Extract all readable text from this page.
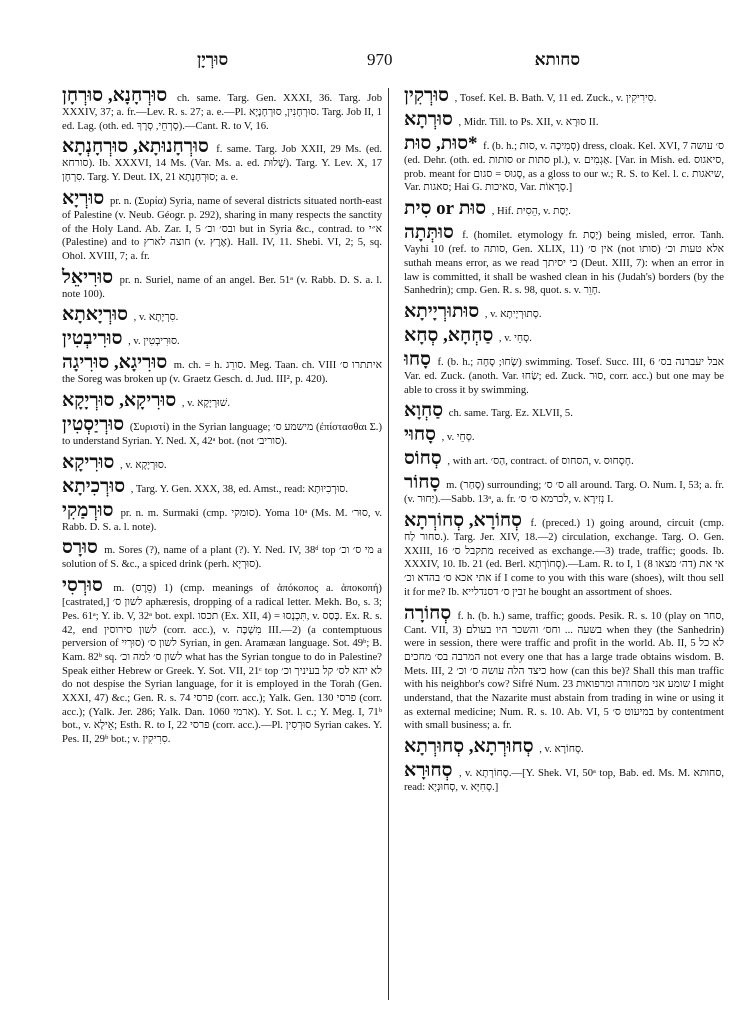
סוּרְיָן	970	סחותא

סוּרְחָנָא, סוּרְחָן ch. same. Targ. Gen. XXXI, 36. Targ. Job XXXIV, 37; a. fr.—Lev. R. s. 27; a. e.—Pl. סוּרְחָנִין, סוּרְחָנָיָא. Targ. Job II, 1 ed. Lag. (oth. ed. סְרְחֵי, סְרָךְ).—Cant. R. to V, 16.

סוּרְחָנוּתָא, סוּרְחָנְתָא f. same. Targ. Job XXII, 29 Ms. (ed. סורחא). Ib. XXXVI, 14 Ms. (Var. Ms. a. ed. שְׁלוּת). Targ. Y. Lev. X, 17 סִרְחָן. Targ. Y. Deut. IX, 21 סוּרְחָנְתָא; a. e.

סוּרְיָא pr. n. (Συρία) Syria, name of several districts situated north-east of Palestine (v. Neub. Géogr. p. 292), sharing in many respects the sanctity of the Holy Land. Ab. Zar. I, 5 ובס׳ וכ׳ but in Syria &c., contrad. to א״י (Palestine) and to חוצה לארץ (v. אֶרֶץ). Hall. IV, 11. Shebi. VI, 2; 5, sq. Ohol. XVIII, 7; a. fr.

סוּרִיאֵל pr. n. Suriel, name of an angel. Ber. 51ᵃ (v. Rabb. D. S. a. l. note 100).

סוּרְיָאתָא , v. סִרְיָתָא.

סוּרִיבְטִין , v. סוּרִיבְטִין.

סוּרִיגָא, סוּרִיגָה m. ch. = h. סורֵג. Meg. Taan. ch. VIII איתתרו ס׳ the Soreg was broken up (v. Graetz Gesch. d. Jud. III², p. 420).

סוּרִיקָא, סוּרְיָקָא , v. שׁוּרְיָקָא.

סוּרְיַסְטִין (Συριστί) in the Syrian language; מישמע ס׳ (ἐπίστασθαι Σ.) to understand Syrian. Y. Ned. X, 42ᵃ bot. (not סוריב׳).

סוּרִיקָא , v. סוּרְיָקָא.

סוּרְכִיתָא , Targ. Y. Gen. XXX, 38, ed. Amst., read: סוּרְכִיוּתָא.

סוּרְמַקִי pr. n. m. Surmaki (cmp. סומקי). Yoma 10ᵃ (Ms. M. סוּר׳, v. Rabb. D. S. a. l. note).

סוּרָס m. Sores (?), name of a plant (?). Y. Ned. IV, 38ᵈ top מי ס׳ וכ׳ a solution of S. &c., a spiced drink (perh. סוּרְיָא).

סוּרְסִי m. (סֵרֶס) 1) (cmp. meanings of ἀπόκοπος a. ἀποκοπή) [castrated,] לשון ס׳ aphæresis, dropping of a radical letter. Mekh. Bo, s. 3; Pes. 61ᵃ; Y. ib. V, 32ᵃ bot. expl. תכסו (Ex. XII, 4) = תִּכְנְסוּ, v. כָּסַס. Ex. R. s. 42, end לשון סירוסין (corr. acc.), v. מִשְׁכָּה III.—2) (a contemptuous perversion of סוּרְיִי) לשון ס׳ Syrian, in gen. Aramæan language. Sot. 49ᵇ; B. Kam. 82ᵇ sq. לשון ס׳ למה וכ׳ what has the Syrian tongue to do in Palestine? Speak either Hebrew or Greek. Y. Sot. VII, 21ᶜ top לא יהא לס׳ קל בעיניך וכ׳ do not despise the Syrian language, for it is employed in the Torah (Gen. XXXI, 47) &c.; Gen. R. s. 74 פרסי (corr. acc.); Yalk. Gen. 130 פרסי (corr. acc.); (Yalk. Jer. 286; Yalk. Dan. 1060 ארמי). Y. Sot. l. c.; Y. Meg. I, 71ᵇ bot., v. אֵילָא; Esth. R. to I, 22 פרסי (corr. acc.).—Pl. סוּרְסִין Syrian cakes. Y. Pes. II, 29ᵇ bot.; v. סִרִיקִין.

סוּרְקִין , Tosef. Kel. B. Bath. V, 11 ed. Zuck., v. סִירִיקִין.

סוּרְתָא , Midr. Till. to Ps. XII, v. סוּרָא II.

*סוּת, סוּת f. (b. h.; סות, v. סְמִיכָה) dress, cloak. Kel. XVI, 7 ס׳ עושה (ed. Dehr. (oth. ed. סותות or סתות pl.), v. אַגְמִים. [Var. in Mish. ed. סיאגוס, prob. meant for סָגוּס = סגום, as a gloss to our w.; R. S. to Kel. l. c. שיאגות, Var. סאגות; Hai G. סאיכות, Var. סְרָאוֹת.]

סוּת or סִית , Hif. הֵסִית, v. יָסַת.

סוּתְּתָה f. (homilet. etymology fr. יָסַת) being misled, error. Tanh. Vayhi 10 (ref. to סותה, Gen. XLIX, 11) אין ס׳ (not סותו) אלא טעות וכ׳ suthah means error, as we read כי יסיתך (Deut. XIII, 7): when an error in law is committed, it shall be washed clean in his (Judah's) borders (by the Sanhedrin); cmp. Gen. R. s. 98, quot. s. v. חָוֵר.

סוּתוּרְיָיתָא , v. סְתוּרְיָיתָא.

סַחְחָא, סְחָא , v. סְחֵי.

סָחוּ f. (b. h.; שָׂחוּ; סָחָה) swimming. Tosef. Succ. III, 6 אבל יעברנה בס׳ Var. ed. Zuck. (anoth. Var. שַׂחוּ; ed. Zuck. סוּר, corr. acc.) but one may be able to cross it by swimming.

סַחְוָא ch. same. Targ. Ez. XLVII, 5.

סָחוּי , v. סְחֵי.

סְחוֹס , with art. הַס׳, contract. of הסחוס, v. חָסְחוּס.

סָחוֹר m. (סָחַר) surrounding; ס׳ ס׳ all around. Targ. O. Num. I, 53; a. fr. (v. יַחוּר).—Sabb. 13ᵃ, a. fr. לכרמא ס׳ ס׳, v. נְזִירָא I.

סְחוֹרָא, סְחוֹרְתָא f. (preced.) 1) going around, circuit (cmp. סחור לַח.). Targ. Jer. XIV, 18.—2) circulation, exchange. Targ. O. Gen. XXIII, 16 מתקבל ס׳ received as exchange.—3) trade, traffic; goods. Ib. XXXIV, 10. Ib. 21 (ed. Berl. סְחוֹרְתָא).—Lam. R. to I, 1 (8 דה׳ מצאו) אי את אתי אכא ס׳ בהדא וכ׳ if I come to you with this ware (shoes), wilt thou sell it for me? Ib. זבין ס׳ דסנדלייא he bought an assortment of shoes.

סְחוֹרָה f. h. (b. h.) same, traffic; goods. Pesik. R. s. 10 (play on סחר, Cant. VII, 3) בשעה ... וחס׳ והשכר היו בעולם when they (the Sanhedrin) were in session, there were traffic and profit in the world. Ab. II, 5 לא כל המרבה בס׳ מחכים not every one that has a large trade obtains wisdom. B. Mets. III, 2 כיצד הלה עושה ס׳ וכ׳ how (can this be)? Shall this man traffic with his neighbor's cow? Sifré Num. 23 שומע אני מסחורה ומרפואות I might understand, that the Nazarite must abstain from trading in wine or using it as external medicine; Num. R. s. 10. Ab. VI, 5 במיעוט ס׳ by contentment with small business; a. fr.

סְחוּרְתָא, סְחוּרְתָא , v. סְחוֹרָא.

סְחוּרָא , v. סְחוֹרְתָא.—[Y. Shek. VI, 50ᵃ top, Bab. ed. Ms. M. סחותא, read: סְחוּנְיָא, v. סְחִיָּא.]
